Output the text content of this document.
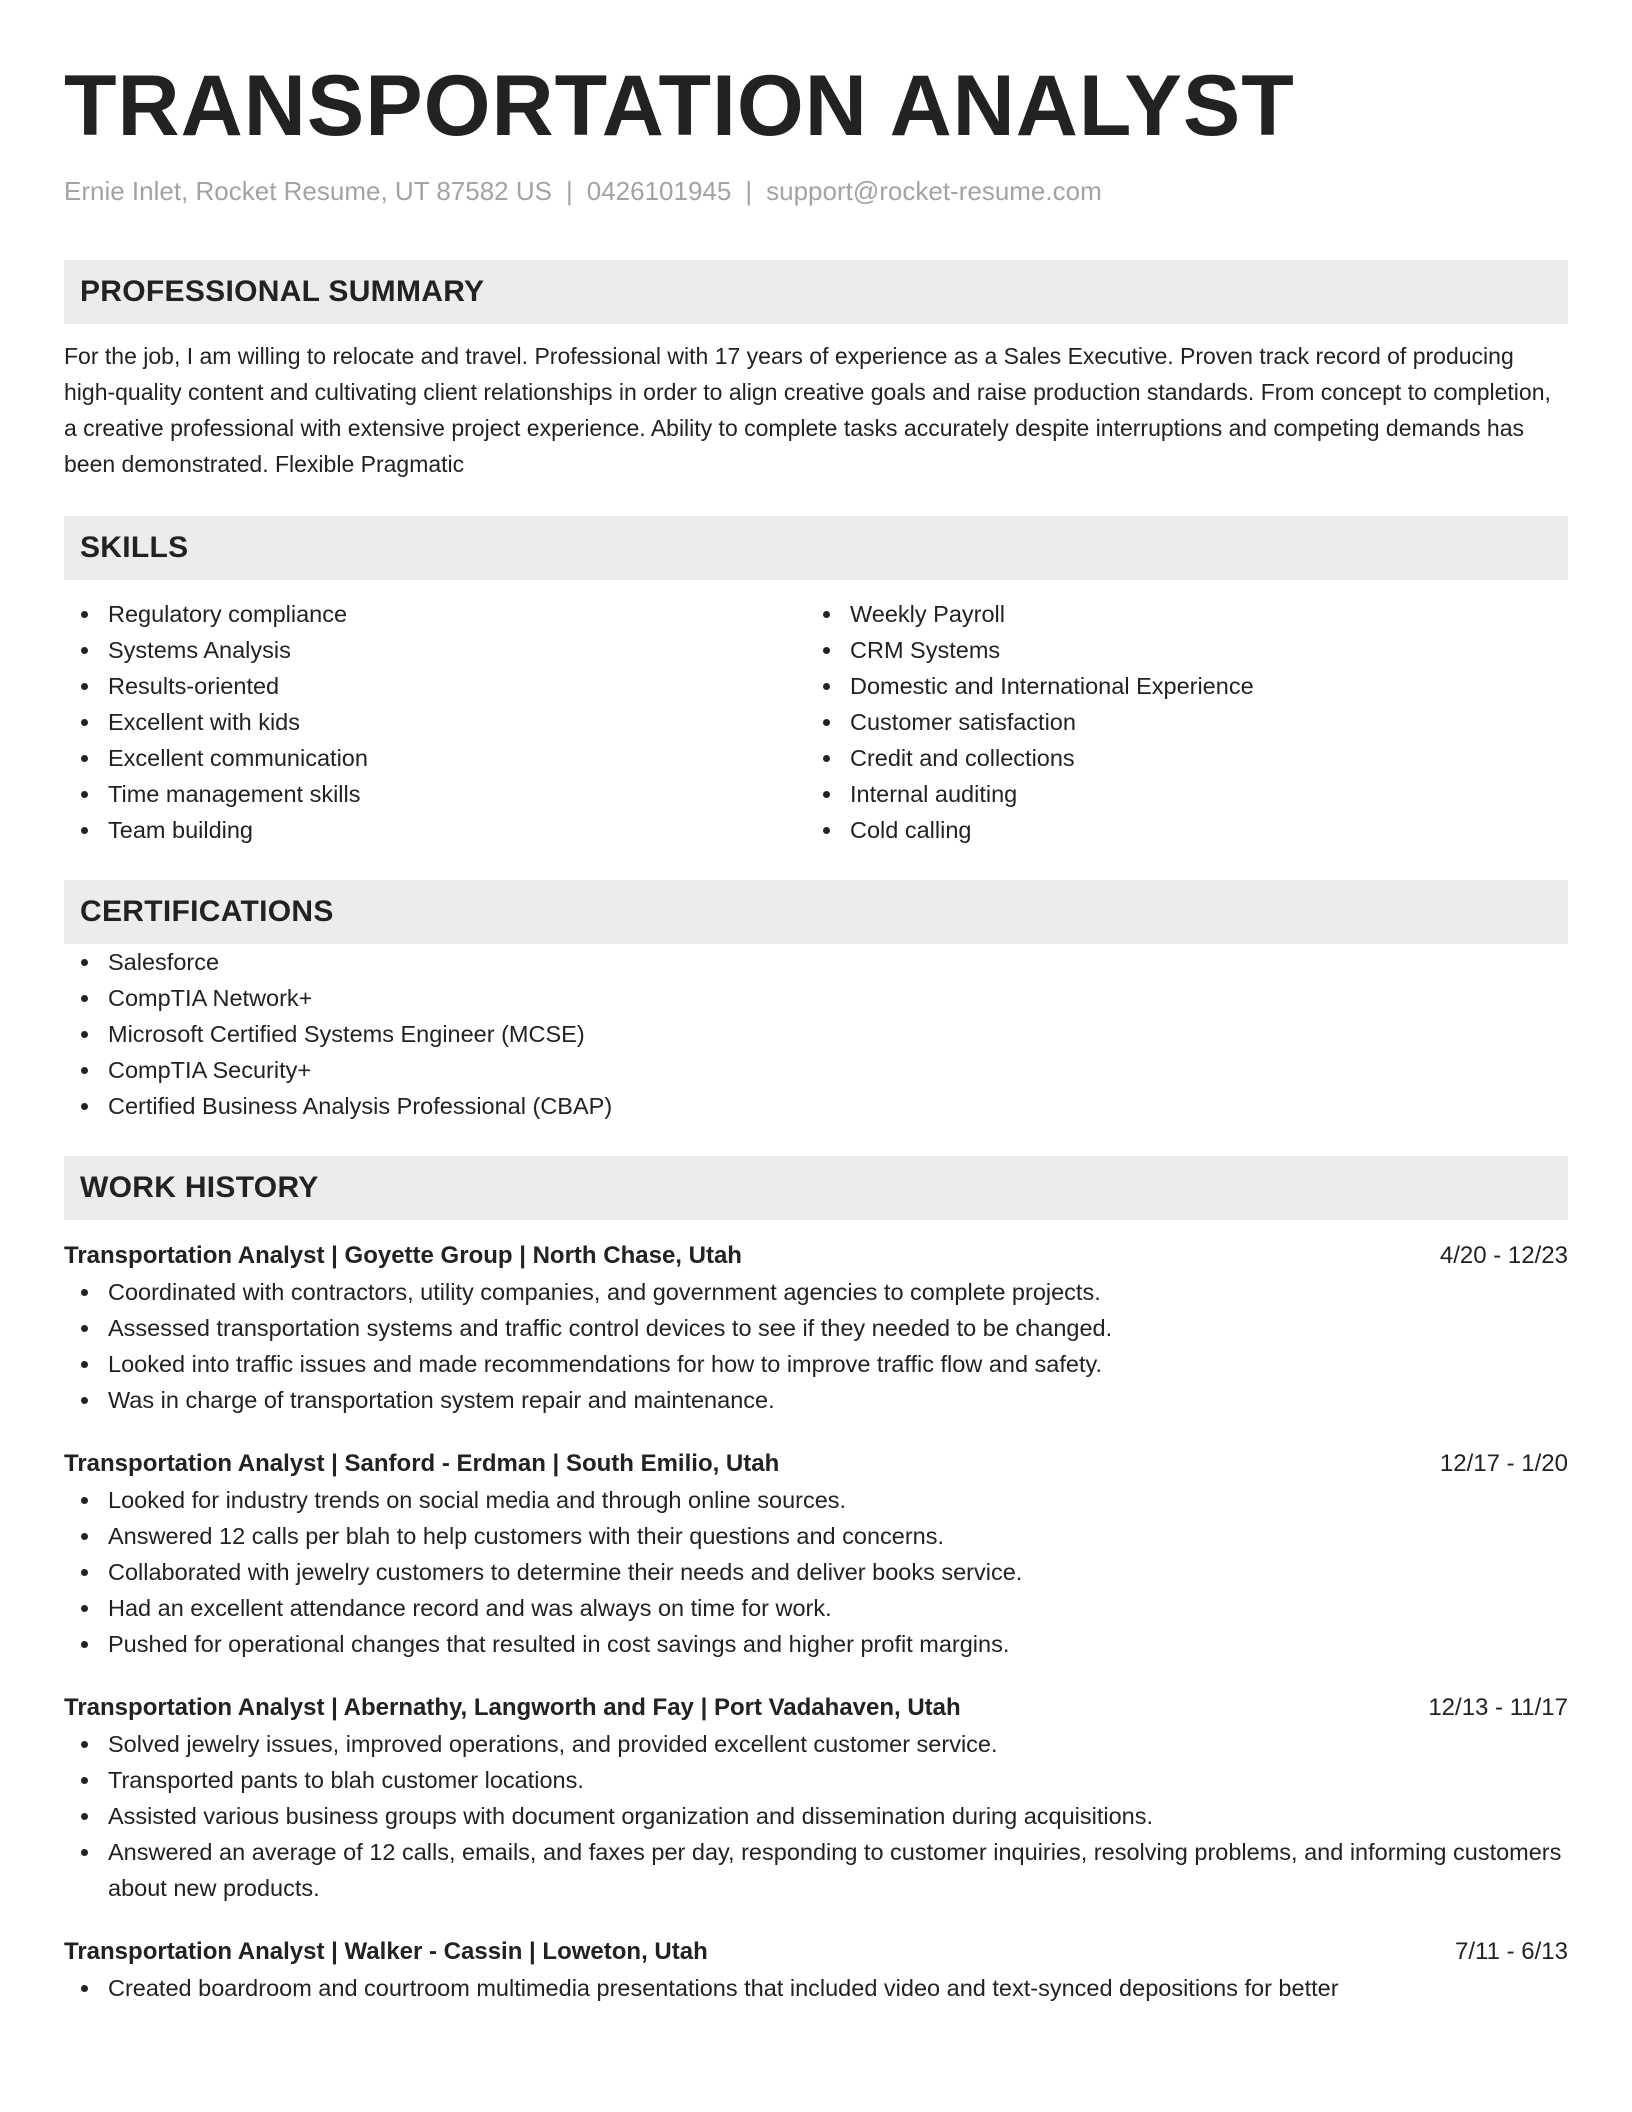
TRANSPORTATION ANALYST
Ernie Inlet, Rocket Resume, UT 87582 US | 0426101945 | support@rocket-resume.com
PROFESSIONAL SUMMARY
For the job, I am willing to relocate and travel. Professional with 17 years of experience as a Sales Executive. Proven track record of producing high-quality content and cultivating client relationships in order to align creative goals and raise production standards. From concept to completion, a creative professional with extensive project experience. Ability to complete tasks accurately despite interruptions and competing demands has been demonstrated. Flexible Pragmatic
SKILLS
Regulatory compliance
Systems Analysis
Results-oriented
Excellent with kids
Excellent communication
Time management skills
Team building
Weekly Payroll
CRM Systems
Domestic and International Experience
Customer satisfaction
Credit and collections
Internal auditing
Cold calling
CERTIFICATIONS
Salesforce
CompTIA Network+
Microsoft Certified Systems Engineer (MCSE)
CompTIA Security+
Certified Business Analysis Professional (CBAP)
WORK HISTORY
Transportation Analyst | Goyette Group | North Chase, Utah	4/20 - 12/23
Coordinated with contractors, utility companies, and government agencies to complete projects.
Assessed transportation systems and traffic control devices to see if they needed to be changed.
Looked into traffic issues and made recommendations for how to improve traffic flow and safety.
Was in charge of transportation system repair and maintenance.
Transportation Analyst | Sanford - Erdman | South Emilio, Utah	12/17 - 1/20
Looked for industry trends on social media and through online sources.
Answered 12 calls per blah to help customers with their questions and concerns.
Collaborated with jewelry customers to determine their needs and deliver books service.
Had an excellent attendance record and was always on time for work.
Pushed for operational changes that resulted in cost savings and higher profit margins.
Transportation Analyst | Abernathy, Langworth and Fay | Port Vadahaven, Utah	12/13 - 11/17
Solved jewelry issues, improved operations, and provided excellent customer service.
Transported pants to blah customer locations.
Assisted various business groups with document organization and dissemination during acquisitions.
Answered an average of 12 calls, emails, and faxes per day, responding to customer inquiries, resolving problems, and informing customers about new products.
Transportation Analyst | Walker - Cassin | Loweton, Utah	7/11 - 6/13
Created boardroom and courtroom multimedia presentations that included video and text-synced depositions for better
